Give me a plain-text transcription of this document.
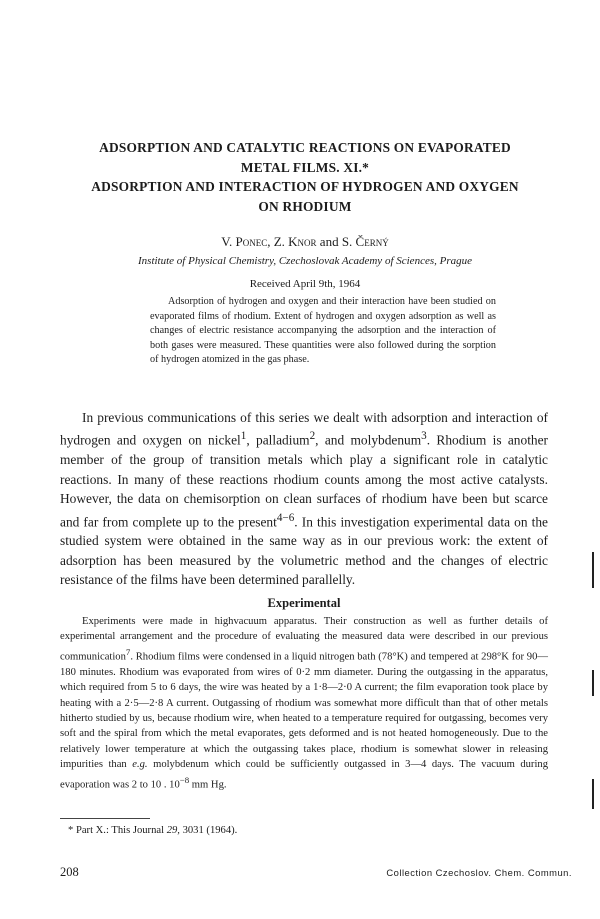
ADSORPTION AND CATALYTIC REACTIONS ON EVAPORATED

METAL FILMS. XI.*

ADSORPTION AND INTERACTION OF HYDROGEN AND OXYGEN

ON RHODIUM

V. Ponec, Z. Knor and S. Černý

Institute of Physical Chemistry, Czechoslovak Academy of Sciences, Prague

Received April 9th, 1964

Adsorption of hydrogen and oxygen and their interaction have been studied on evaporated films of rhodium. Extent of hydrogen and oxygen adsorption as well as changes of electric resistance accompanying the adsorption and the interaction of both gases were measured. These quantities were also followed during the sorption of hydrogen atomized in the gas phase.

In previous communications of this series we dealt with adsorption and interaction of hydrogen and oxygen on nickel$^1$, palladium$^2$, and molybdenum$^3$. Rhodium is another member of the group of transition metals which play a significant role in catalytic reactions. In many of these reactions rhodium counts among the most active catalysts. However, the data on chemisorption on clean surfaces of rhodium have been but scarce and far from complete up to the present$^{4-6}$. In this investigation experimental data on the studied system were obtained in the same way as in our previous work: the extent of adsorption has been measured by the volumetric method and the changes of electric resistance of the films have been determined parallelly.

Experimental

Experiments were made in highvacuum apparatus. Their construction as well as further details of experimental arrangement and the procedure of evaluating the measured data were described in our previous communication$^7$. Rhodium films were condensed in a liquid nitrogen bath (78°K) and tempered at 298°K for 90—180 minutes. Rhodium was evaporated from wires of 0·2 mm diameter. During the outgassing in the apparatus, which required from 5 to 6 days, the wire was heated by a 1·8—2·0 A current; the film evaporation took place by heating with a 2·5—2·8 A current. Outgassing of rhodium was somewhat more difficult than that of other metals hitherto studied by us, because rhodium wire, when heated to a temperature required for outgassing, becomes very soft and the spiral from which the metal evaporates, gets deformed and is not heated homogeneously. Due to the relatively lower temperature at which the outgassing takes place, rhodium is somewhat slower in releasing impurities than e.g. molybdenum which could be sufficiently outgassed in 3—4 days. The vacuum during evaporation was 2 to 10 . $10^{-8}$ mm Hg.

* Part X.: This Journal 29, 3031 (1964).

208	Collection Czechoslov. Chem. Commun.
